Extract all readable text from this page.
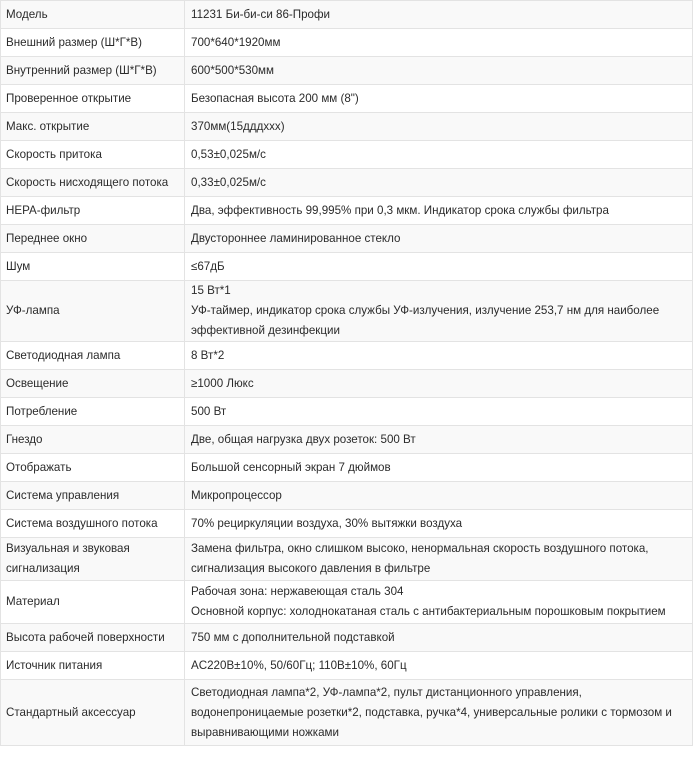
Модель	11231 Би-би-си 86-Профи

Внешний размер (Ш*Г*В)	700*640*1920мм

Внутренний размер (Ш*Г*В)	600*500*530мм

Проверенное открытие	Безопасная высота 200 мм (8")

Макс. открытие	370мм(15дддххх)

Скорость притока	0,53±0,025м/с

Скорость нисходящего потока	0,33±0,025м/с

HEPA-фильтр	Два, эффективность 99,995% при 0,3 мкм. Индикатор срока службы фильтра

Переднее окно	Двустороннее ламинированное стекло

Шум	≤67дБ

УФ-лампа	15 Вт*1
УФ-таймер, индикатор срока службы УФ-излучения, излучение 253,7 нм для наиболее эффективной дезинфекции

Светодиодная лампа	8 Вт*2

Освещение	≥1000 Люкс

Потребление	500 Вт

Гнездо	Две, общая нагрузка двух розеток: 500 Вт

Отображать	Большой сенсорный экран 7 дюймов

Система управления	Микропроцессор

Система воздушного потока	70% рециркуляции воздуха, 30% вытяжки воздуха

Визуальная и звуковая сигнализация	Замена фильтра, окно слишком высоко, ненормальная скорость воздушного потока, сигнализация высокого давления в фильтре

Материал	Рабочая зона: нержавеющая сталь 304
Основной корпус: холоднокатаная сталь с антибактериальным порошковым покрытием

Высота рабочей поверхности	750 мм с дополнительной подставкой

Источник питания	AC220В±10%, 50/60Гц; 110В±10%, 60Гц

Стандартный аксессуар	Светодиодная лампа*2, УФ-лампа*2, пульт дистанционного управления, водонепроницаемые розетки*2, подставка, ручка*4, универсальные ролики с тормозом и выравнивающими ножками
